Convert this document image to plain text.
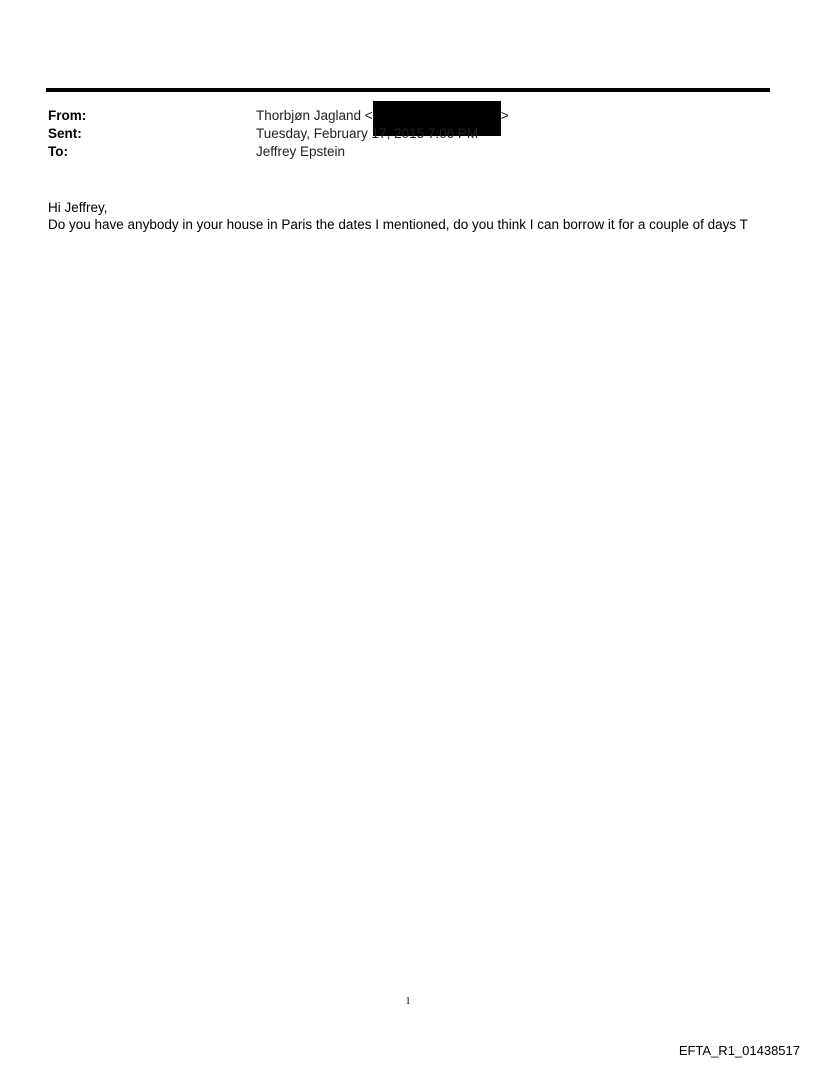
From:	Thorbjøn Jagland <	>
Sent:	Tuesday, February 17, 2015 7:06 PM
To:	Jeffrey Epstein
Hi Jeffrey,
Do you have anybody in your house in Paris the dates I mentioned, do you think I can borrow it for a couple of days T
1
EFTA_R1_01438517
